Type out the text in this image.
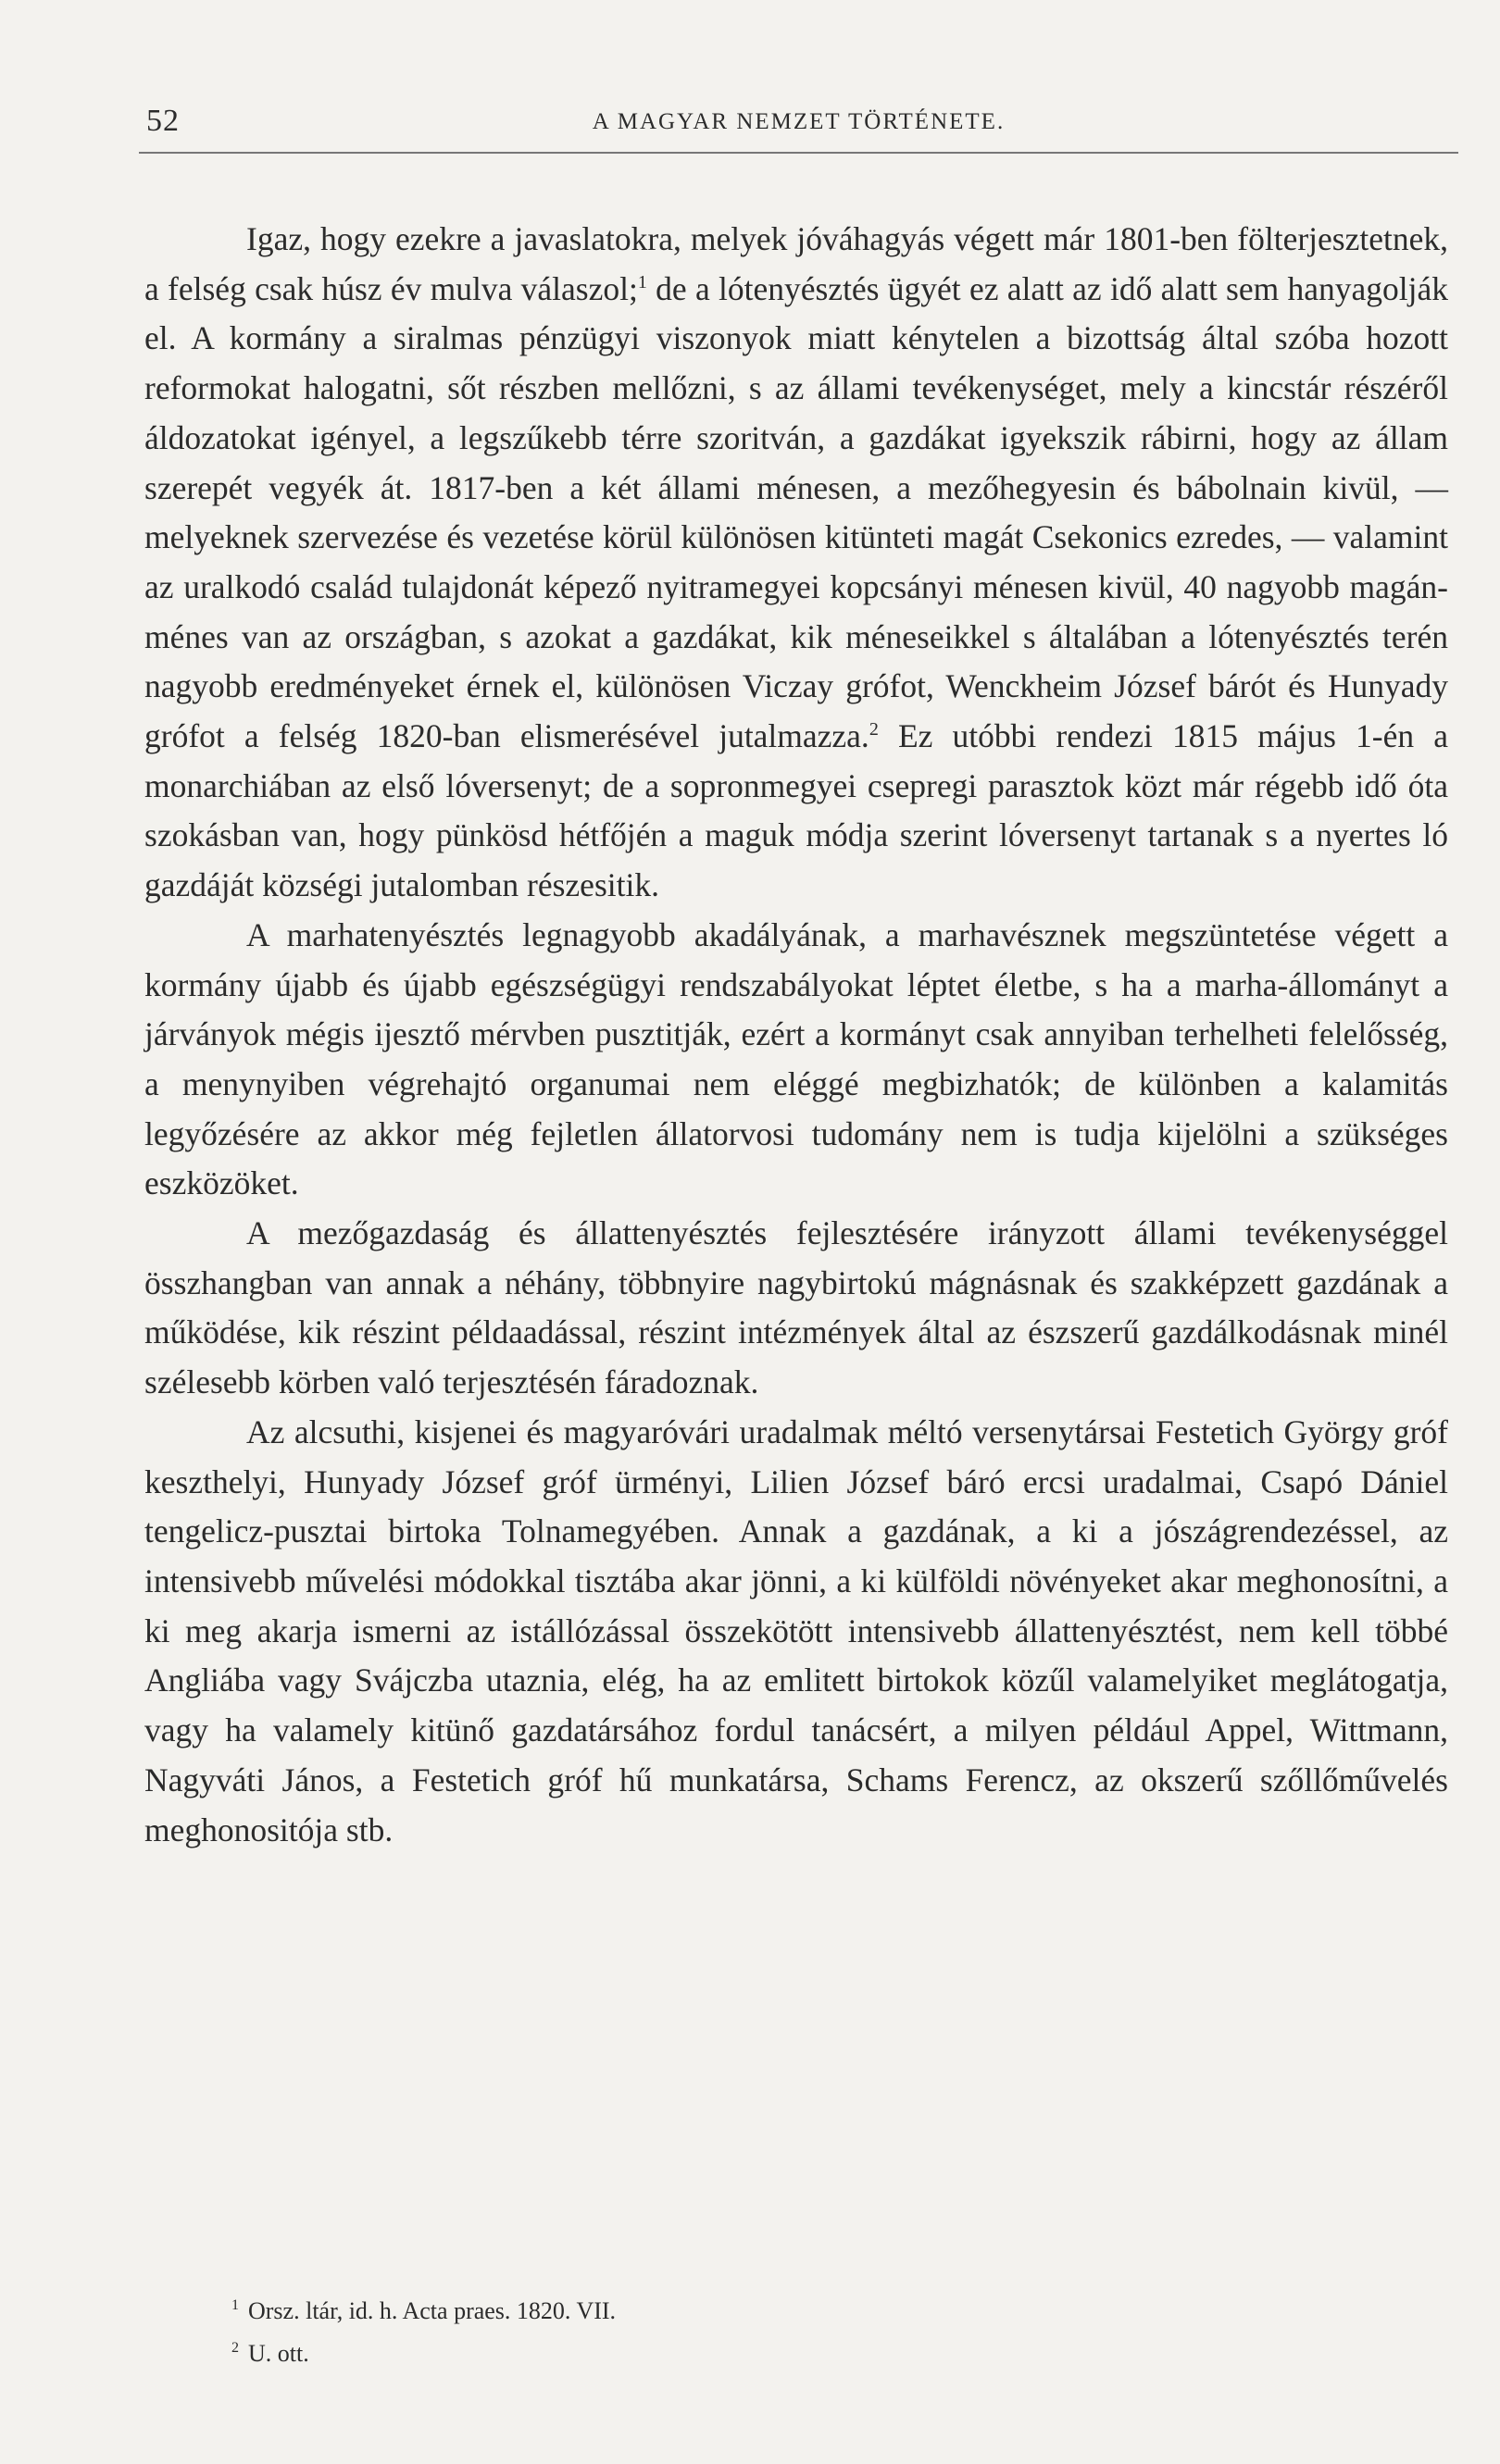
52	A MAGYAR NEMZET TÖRTÉNETE.

Igaz, hogy ezekre a javaslatokra, melyek jóváhagyás végett már 1801-ben fölterjesztetnek, a felség csak húsz év mulva válaszol;$^1$ de a lótenyésztés ügyét ez alatt az idő alatt sem hanyagolják el. A kormány a siralmas pénzügyi viszonyok miatt kénytelen a bizottság által szóba hozott reformokat halogatni, sőt részben mellőzni, s az állami tevékenységet, mely a kincstár részéről áldozatokat igényel, a legszűkebb térre szoritván, a gazdákat igyekszik rábirni, hogy az állam szerepét vegyék át. 1817-ben a két állami ménesen, a mezőhegyesin és bábolnain kivül, — melyeknek szervezése és vezetése körül különösen kitünteti magát Csekonics ezredes, — valamint az uralkodó család tulajdonát képező nyitramegyei kopcsányi ménesen kivül, 40 nagyobb magán-ménes van az országban, s azokat a gazdákat, kik méneseikkel s általában a lótenyésztés terén nagyobb eredményeket érnek el, különösen Viczay grófot, Wenckheim József bárót és Hunyady grófot a felség 1820-ban elismerésével jutalmazza.$^2$ Ez utóbbi rendezi 1815 május 1-én a monarchiában az első lóversenyt; de a sopronmegyei csepregi parasztok közt már régebb idő óta szokásban van, hogy pünkösd hétfőjén a maguk módja szerint lóversenyt tartanak s a nyertes ló gazdáját községi jutalomban részesitik.

A marhatenyésztés legnagyobb akadályának, a marhavésznek megszüntetése végett a kormány újabb és újabb egészségügyi rendszabályokat léptet életbe, s ha a marha-állományt a járványok mégis ijesztő mérvben pusztitják, ezért a kormányt csak annyiban terhelheti felelősség, a menynyiben végrehajtó organumai nem eléggé megbizhatók; de különben a kalamitás legyőzésére az akkor még fejletlen állatorvosi tudomány nem is tudja kijelölni a szükséges eszközöket.

A mezőgazdaság és állattenyésztés fejlesztésére irányzott állami tevékenységgel összhangban van annak a néhány, többnyire nagybirtokú mágnásnak és szakképzett gazdának a működése, kik részint példaadással, részint intézmények által az észszerű gazdálkodásnak minél szélesebb körben való terjesztésén fáradoznak.

Az alcsuthi, kisjenei és magyaróvári uradalmak méltó versenytársai Festetich György gróf keszthelyi, Hunyady József gróf ürményi, Lilien József báró ercsi uradalmai, Csapó Dániel tengelicz-pusztai birtoka Tolnamegyében. Annak a gazdának, a ki a jószágrendezéssel, az intensivebb művelési módokkal tisztába akar jönni, a ki külföldi növényeket akar meghonosítni, a ki meg akarja ismerni az istállózással összekötött intensivebb állattenyésztést, nem kell többé Angliába vagy Svájczba utaznia, elég, ha az emlitett birtokok közűl valamelyiket meglátogatja, vagy ha valamely kitünő gazdatársához fordul tanácsért, a milyen például Appel, Wittmann, Nagyváti János, a Festetich gróf hű munkatársa, Schams Ferencz, az okszerű szőllőművelés meghonositója stb.

$^1$ Orsz. ltár, id. h. Acta praes. 1820. VII.

$^2$ U. ott.
